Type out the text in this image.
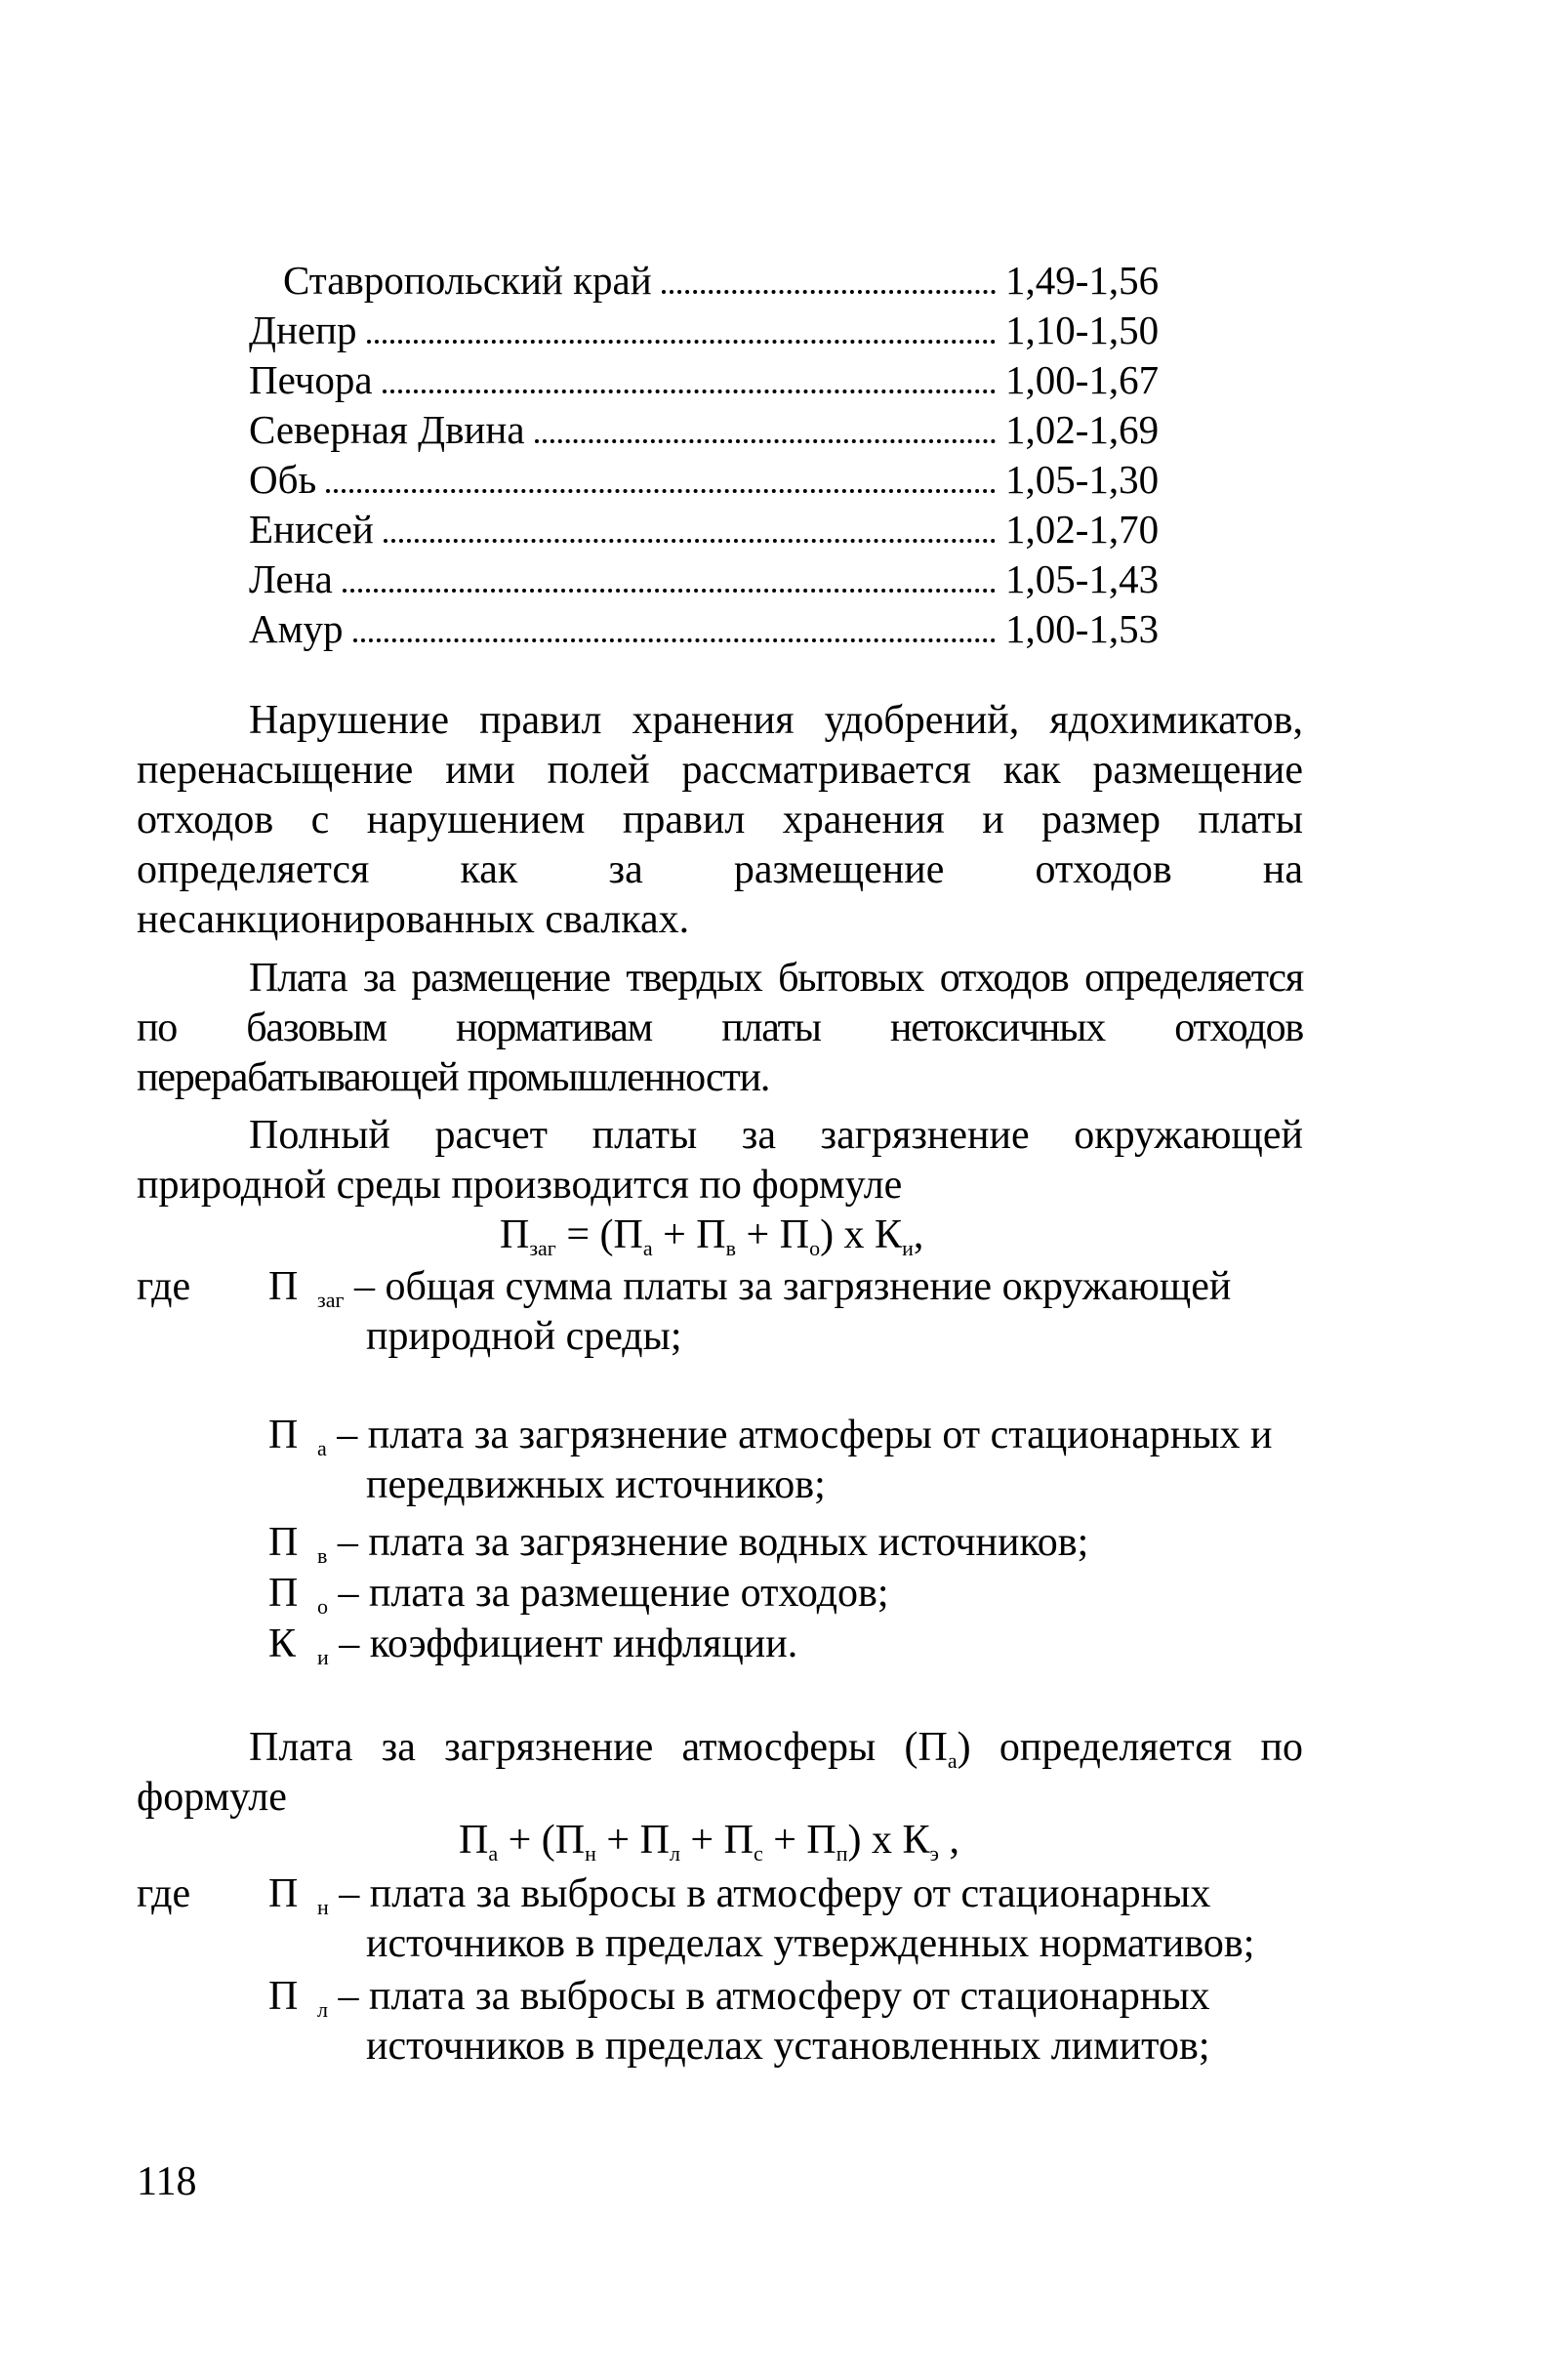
Ставропольский край	1,49-1,56
Днепр	1,10-1,50
Печора	1,00-1,67
Северная Двина	1,02-1,69
Обь	1,05-1,30
Енисей	1,02-1,70
Лена	1,05-1,43
Амур	1,00-1,53

Нарушение правил хранения удобрений, ядохимикатов, перенасыщение ими полей рассматривается как размещение отходов с нарушением правил хранения и размер платы определяется как за размещение отходов на несанкционированных свалках.

Плата за размещение твердых бытовых отходов определяется по базовым нормативам платы нетоксичных отходов перерабатывающей промышленности.

Полный расчет платы за загрязнение окружающей природной среды производится по формуле

$П_{заг} = (П_а + П_в + П_о)$ х $К_и$,
где П $_{заг}$ – общая сумма платы за загрязнение окружающей
природной среды;
П $_а$ – плата за загрязнение атмосферы от стационарных и
передвижных источников;
П $_в$ – плата за загрязнение водных источников;
П $_о$ – плата за размещение отходов;
К $_и$ – коэффициент инфляции.

Плата за загрязнение атмосферы $(П_а)$ определяется по формуле

$П_а + (П_н + П_л + П_с + П_п)$ х $К_э$ ,
где П $_н$ – плата за выбросы в атмосферу от стационарных
источников в пределах утвержденных нормативов;
П $_л$ – плата за выбросы в атмосферу от стационарных
источников в пределах установленных лимитов;
118
